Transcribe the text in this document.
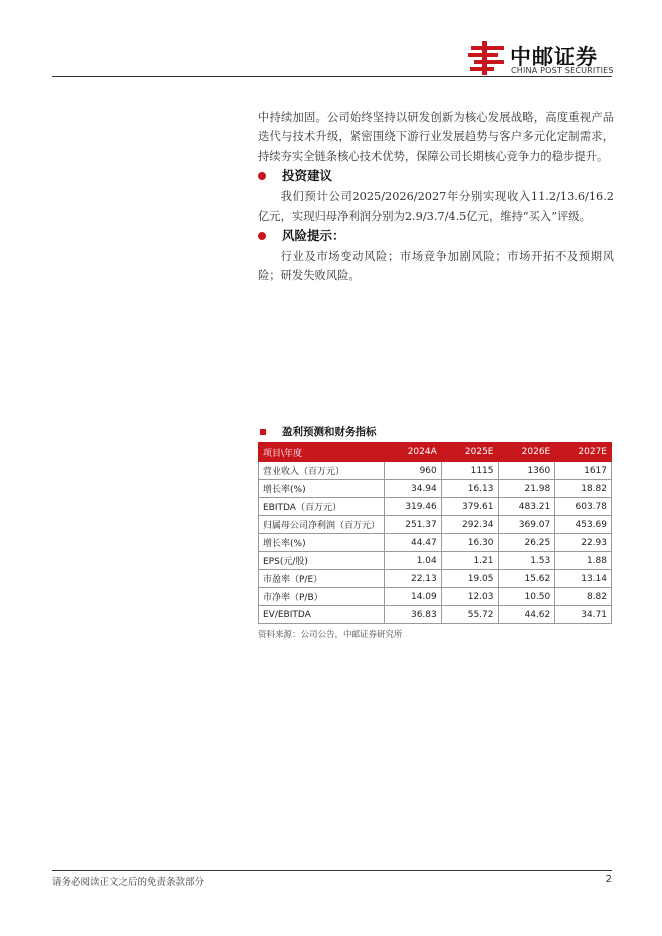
中邮证券
CHINA POST SECURITIES

中持续加固。公司始终坚持以研发创新为核心发展战略，高度重视产品迭代与技术升级，紧密围绕下游行业发展趋势与客户多元化定制需求，持续夯实全链条核心技术优势，保障公司长期核心竞争力的稳步提升。

投资建议

我们预计公司2025/2026/2027年分别实现收入11.2/13.6/16.2亿元，实现归母净利润分别为2.9/3.7/4.5亿元，维持“买入”评级。

风险提示：

行业及市场变动风险；市场竞争加剧风险；市场开拓不及预期风险；研发失败风险。

盈利预测和财务指标
项目\年度	2024A	2025E	2026E	2027E
营业收入（百万元）	960	1115	1360	1617
增长率(%)	34.94	16.13	21.98	18.82
EBITDA（百万元）	319.46	379.61	483.21	603.78
归属母公司净利润（百万元）	251.37	292.34	369.07	453.69
增长率(%)	44.47	16.30	26.25	22.93
EPS(元/股)	1.04	1.21	1.53	1.88
市盈率（P/E）	22.13	19.05	15.62	13.14
市净率（P/B）	14.09	12.03	10.50	8.82
EV/EBITDA	36.83	55.72	44.62	34.71
资料来源：公司公告，中邮证券研究所
请务必阅读正文之后的免责条款部分	2
